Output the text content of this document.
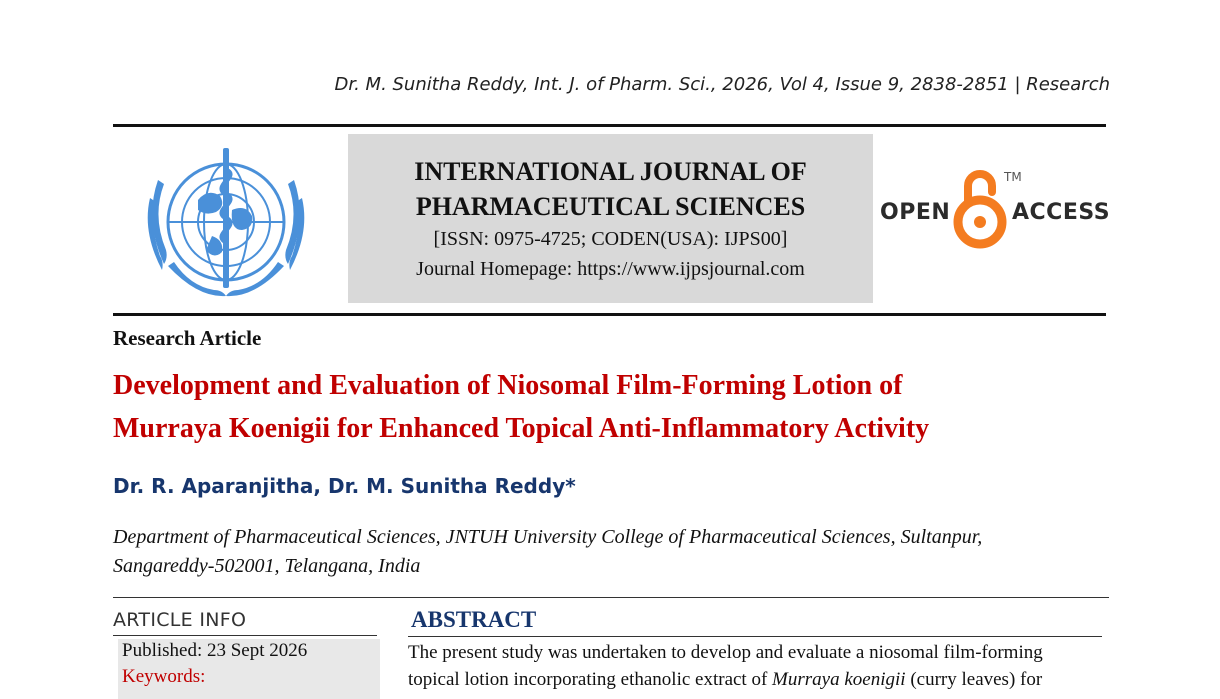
Dr. M. Sunitha Reddy, Int. J. of Pharm. Sci., 2026, Vol 4, Issue 9, 2838-2851 | Research
INTERNATIONAL JOURNAL OF
PHARMACEUTICAL SCIENCES
[ISSN: 0975-4725; CODEN(USA): IJPS00]
Journal Homepage: https://www.ijpsjournal.com
OPEN
TM
ACCESS
Research Article
Development and Evaluation of Niosomal Film-Forming Lotion of
Murraya Koenigii for Enhanced Topical Anti-Inflammatory Activity
Dr. R. Aparanjitha, Dr. M. Sunitha Reddy*
Department of Pharmaceutical Sciences, JNTUH University College of Pharmaceutical Sciences, Sultanpur,
Sangareddy-502001, Telangana, India
ARTICLE INFO
Published: 23 Sept 2026
Keywords:
ABSTRACT
The present study was undertaken to develop and evaluate a niosomal film-forming
topical lotion incorporating ethanolic extract of Murraya koenigii (curry leaves) for
